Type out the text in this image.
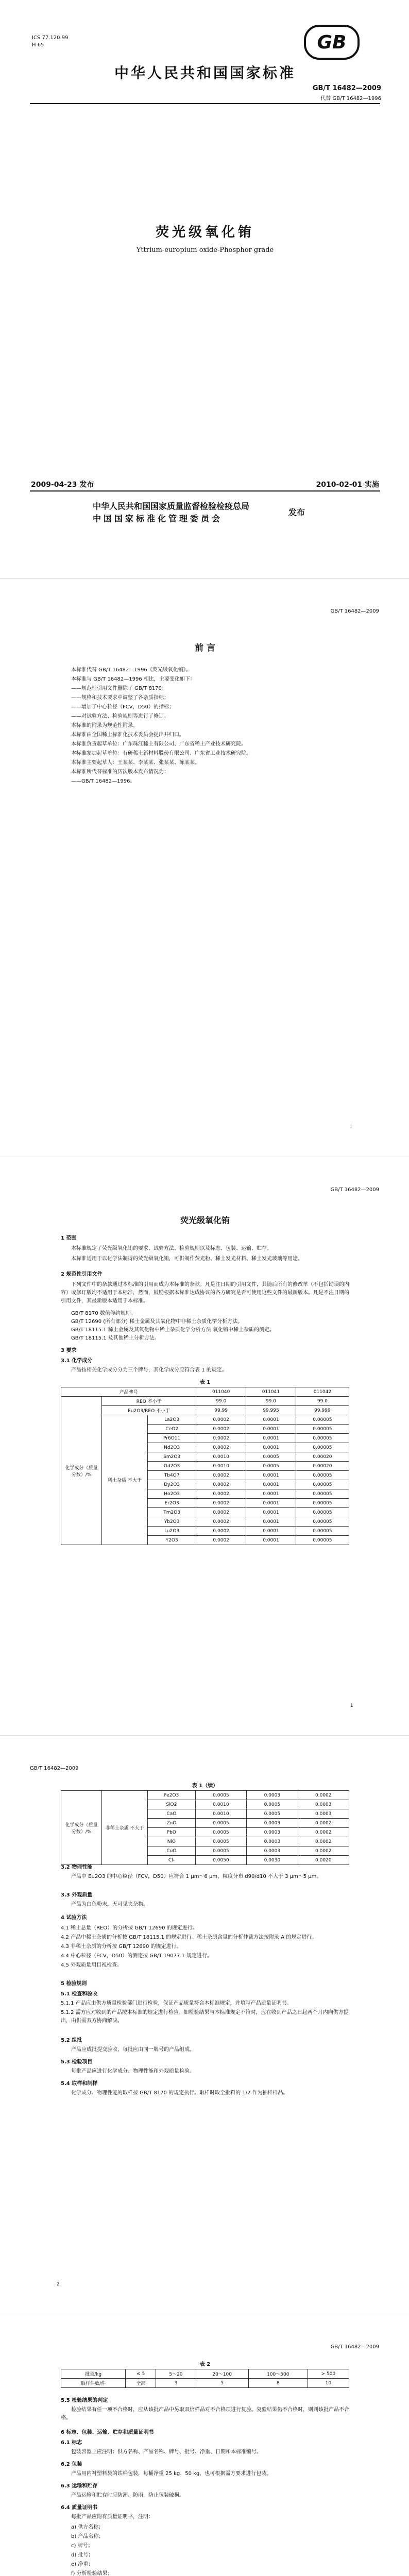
ICS 77.120.99
H 65	GB
中华人民共和国国家标准
GB/T 16482—2009
代替 GB/T 16482—1996
荧光级氧化铕
Yttrium-europium oxide-Phosphor grade
2009-04-23 发布	2010-02-01 实施
中华人民共和国国家质量监督检验检疫总局
中国国家标准化管理委员会
发布
GB/T 16482—2009
前 言
本标准代替 GB/T 16482—1996《荧光级氧化铕》。
本标准与 GB/T 16482—1996 相比，主要变化如下：
——规范性引用文件删除了 GB/T 8170；
——规格和技术要求中调整了各杂质指标；
——增加了中心粒径（FCV，D50）的指标；
——对试验方法、检验规则等进行了修订。
本标准的附录为规范性附录。
本标准由全国稀土标准化技术委员会提出并归口。
本标准负责起草单位：广东珠江稀土有限公司、广东省稀土产业技术研究院。
本标准参加起草单位：有研稀土新材料股份有限公司、广东省工业技术研究院。
本标准主要起草人：王某某、李某某、张某某、陈某某。
本标准所代替标准的历次版本发布情况为：
——GB/T 16482—1996。
I
GB/T 16482—2009
荧光级氧化铕
1 范围
本标准规定了荧光级氧化铕的要求、试验方法、检验规则以及标志、包装、运输、贮存。
本标准适用于以化学法制得的荧光级氧化铕，可供制作荧光粉、稀土发光材料、稀土发光玻璃等用途。
2 规范性引用文件
下列文件中的条款通过本标准的引用而成为本标准的条款。凡是注日期的引用文件，其随后所有的修改单（不包括勘误的内容）或修订版均不适用于本标准，然而，鼓励根据本标准达成协议的各方研究是否可使用这些文件的最新版本。凡是不注日期的引用文件，其最新版本适用于本标准。
GB/T 8170 数值修约规则。
GB/T 12690 (所有部分) 稀土金属及其氧化物中非稀土杂质化学分析方法。
GB/T 18115.1 稀土金属及其氧化物中稀土杂质化学分析方法 氧化铕中稀土杂质的测定。
GB/T 18115.1 及其他稀土分析方法。
3 要求
3.1 化学成分
产品按相关化学成分分为三个牌号，其化学成分应符合表 1 的规定。
表 1
产品牌号			011040	011041	011042
化学成分（质量分数）/%	REO 不小于		99.0	99.0	99.0
	Eu2O3/REO 不小于		99.99	99.995	99.999
	稀土杂质 不大于	La2O3	0.0002	0.0001	0.00005
		CeO2	0.0002	0.0001	0.00005
		Pr6O11	0.0002	0.0001	0.00005
		Nd2O3	0.0002	0.0001	0.00005
		Sm2O3	0.0010	0.0005	0.00020
		Gd2O3	0.0010	0.0005	0.00020
		Tb4O7	0.0002	0.0001	0.00005
		Dy2O3	0.0002	0.0001	0.00005
		Ho2O3	0.0002	0.0001	0.00005
		Er2O3	0.0002	0.0001	0.00005
		Tm2O3	0.0002	0.0001	0.00005
		Yb2O3	0.0002	0.0001	0.00005
		Lu2O3	0.0002	0.0001	0.00005
		Y2O3	0.0002	0.0001	0.00005
1
GB/T 16482—2009
表 1（续）
化学成分（质量分数）/%	非稀土杂质 不大于	Fe2O3	0.0005	0.0003	0.0002
		SiO2	0.0010	0.0005	0.0003
		CaO	0.0010	0.0005	0.0003
		ZnO	0.0005	0.0003	0.0002
		PbO	0.0005	0.0003	0.0002
		NiO	0.0005	0.0003	0.0002
		CuO	0.0005	0.0003	0.0002
		Cl-	0.0050	0.0030	0.0020
3.2 物理性能
产品中 Eu2O3 的中心粒径（FCV，D50）应符合 1 μm～6 μm，粒度分布 d90/d10 不大于 3 μm～5 μm。
3.3 外观质量
产品为白色粉末，无可见夹杂物。
4 试验方法
4.1 稀土总量（REO）的分析按 GB/T 12690 的规定进行。
4.2 产品中稀土杂质的分析按 GB/T 18115.1 的规定进行。稀土杂质含量的分析仲裁方法按附录 A 的规定进行。
4.3 非稀土杂质的分析按 GB/T 12690 的规定进行。
4.4 中心粒径（FCV，D50）的测定按 GB/T 19077.1 规定进行。
4.5 外观质量用目视检查。
5 检验规则
5.1 检查和验收
5.1.1 产品应由供方质量检验部门进行检验，保证产品质量符合本标准规定，并填写产品质量证明书。
5.1.2 需方应对收到的产品按本标准的规定进行检验。如检验结果与本标准规定不符时，应在收到产品之日起两个月内向供方提出，由供需双方协商解决。
5.2 组批
产品应成批提交验收，每批应由同一牌号的产品组成。
5.3 检验项目
每批产品应进行化学成分、物理性能和外观质量检验。
5.4 取样和制样
化学成分、物理性能的取样按 GB/T 8170 的规定执行。取样时取全批料的 1/2 作为抽样样品。
2
GB/T 16482—2009
表 2
批量/kg	≤ 5	5～20	20～100	100～500	> 500
取样件数/件	全部	3	5	8	10
5.5 检验结果的判定
检验结果有任一项不合格时，应从该批产品中另取双倍样品对不合格项进行复验。复验结果仍不合格时，则判该批产品不合格。
6 标志、包装、运输、贮存和质量证明书
6.1 标志
包装容器上应注明：供方名称、产品名称、牌号、批号、净重、日期和本标准编号。
6.2 包装
产品用内衬塑料袋的铁桶包装，每桶净重 25 kg、50 kg，也可根据需方要求进行包装。
6.3 运输和贮存
产品运输和贮存时应防潮、防雨，防止包装破损。
6.4 质量证明书
每批产品应附有质量证明书，注明：
a) 供方名称；
b) 产品名称；
c) 牌号；
d) 批号；
e) 净重；
f) 分析检验结果；
